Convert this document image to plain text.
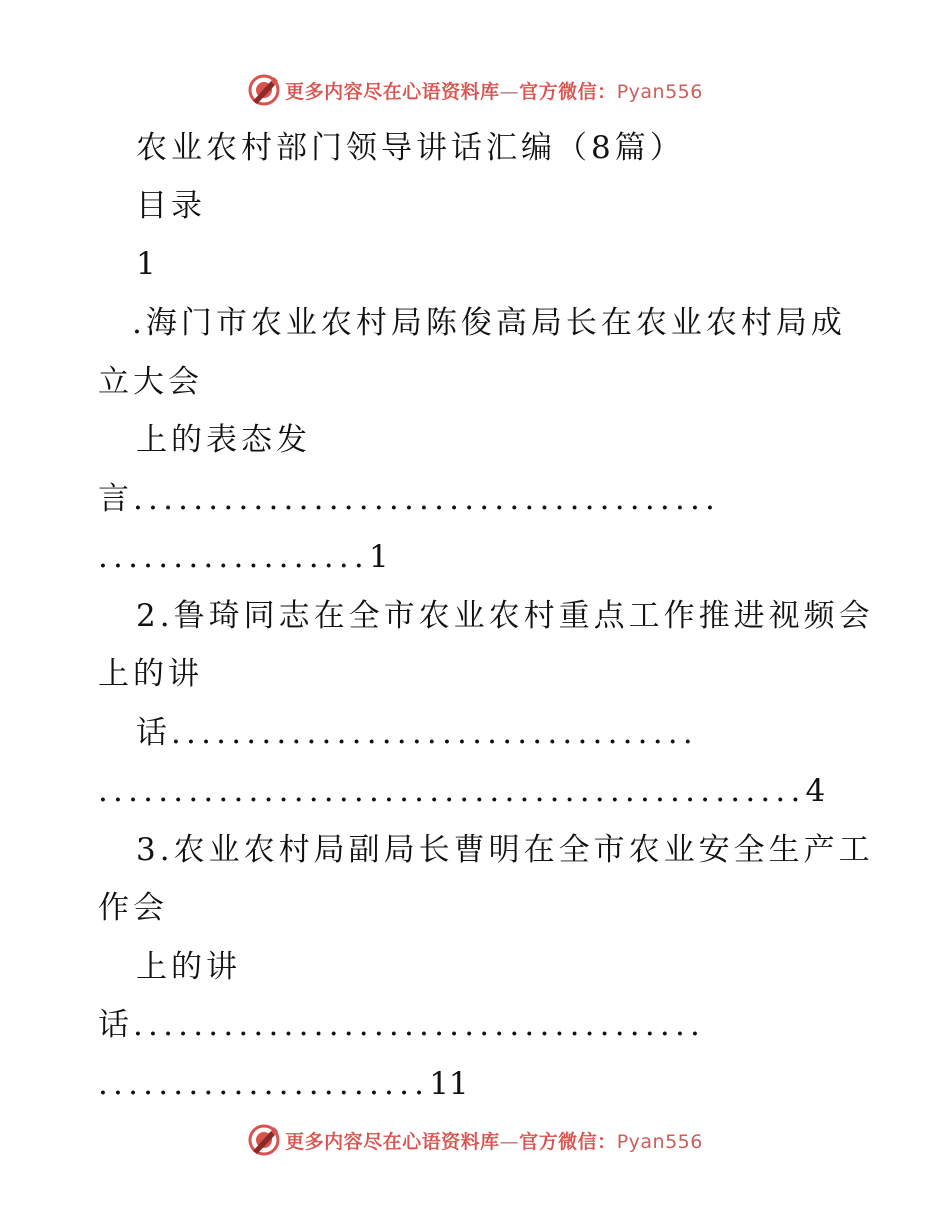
更多内容尽在心语资料库—官方微信：Pyan556
农业农村部门领导讲话汇编（8篇）
目录
1
.海门市农业农村局陈俊高局长在农业农村局成
立大会
上的表态发
言.......................................
..................1
2.鲁琦同志在全市农业农村重点工作推进视频会
上的讲
话...................................
...............................................4
3.农业农村局副局长曹明在全市农业安全生产工
作会
上的讲
话......................................
......................11
更多内容尽在心语资料库—官方微信：Pyan556
